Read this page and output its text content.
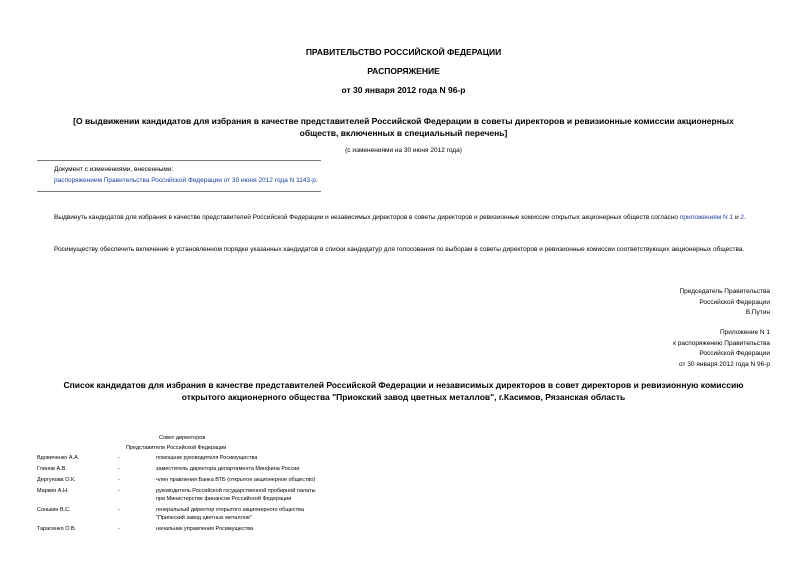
ПРАВИТЕЛЬСТВО РОССИЙСКОЙ ФЕДЕРАЦИИ
РАСПОРЯЖЕНИЕ
от 30 января 2012 года N 96-р
[О выдвижении кандидатов для избрания в качестве представителей Российской Федерации в советы директоров и ревизионные комиссии акционерных
обществ, включенных в специальный перечень]
(с изменениями на 30 июня 2012 года)
Документ с изменениями, внесенными:
распоряжением Правительства Российской Федерации от 30 июня 2012 года N 1143-р.
Выдвинуть кандидатов для избрания в качестве представителей Российской Федерации и независимых директоров в советы директоров и ревизионные комиссии открытых акционерных обществ согласно приложениям N 1 и 2.
Росимуществу обеспечить включение в установленном порядке указанных кандидатов в списки кандидатур для голосования по выборам в советы директоров и ревизионные комиссии соответствующих акционерных общества.
Председатель Правительства
Российской Федерации
В.Путин
Приложение N 1
к распоряжению Правительства
Российской Федерации
от 30 января 2012 года N 96-р
Список кандидатов для избрания в качестве представителей Российской Федерации и независимых директоров в совет директоров и ревизионную комиссию
открытого акционерного общества "Приокский завод цветных металлов", г.Касимов, Рязанская область
Совет директоров
Представители Российской Федерации
Вдовиченко А.А.	-	помощник руководителя Росимущества
Глинов А.В.	-	заместитель директора департамента Минфина России
Дергунова О.К.	-	член правления Банка ВТБ (открытое акционерное общество)
Маркин А.Н.	-	руководитель Российской государственной пробирной палаты
при Министерстве финансов Российской Федерации
Сонькин В.С.	-	генеральный директор открытого акционерного общества
"Приокский завод цветных металлов"
Тарасенко О.В.	-	начальник управления Росимущества
